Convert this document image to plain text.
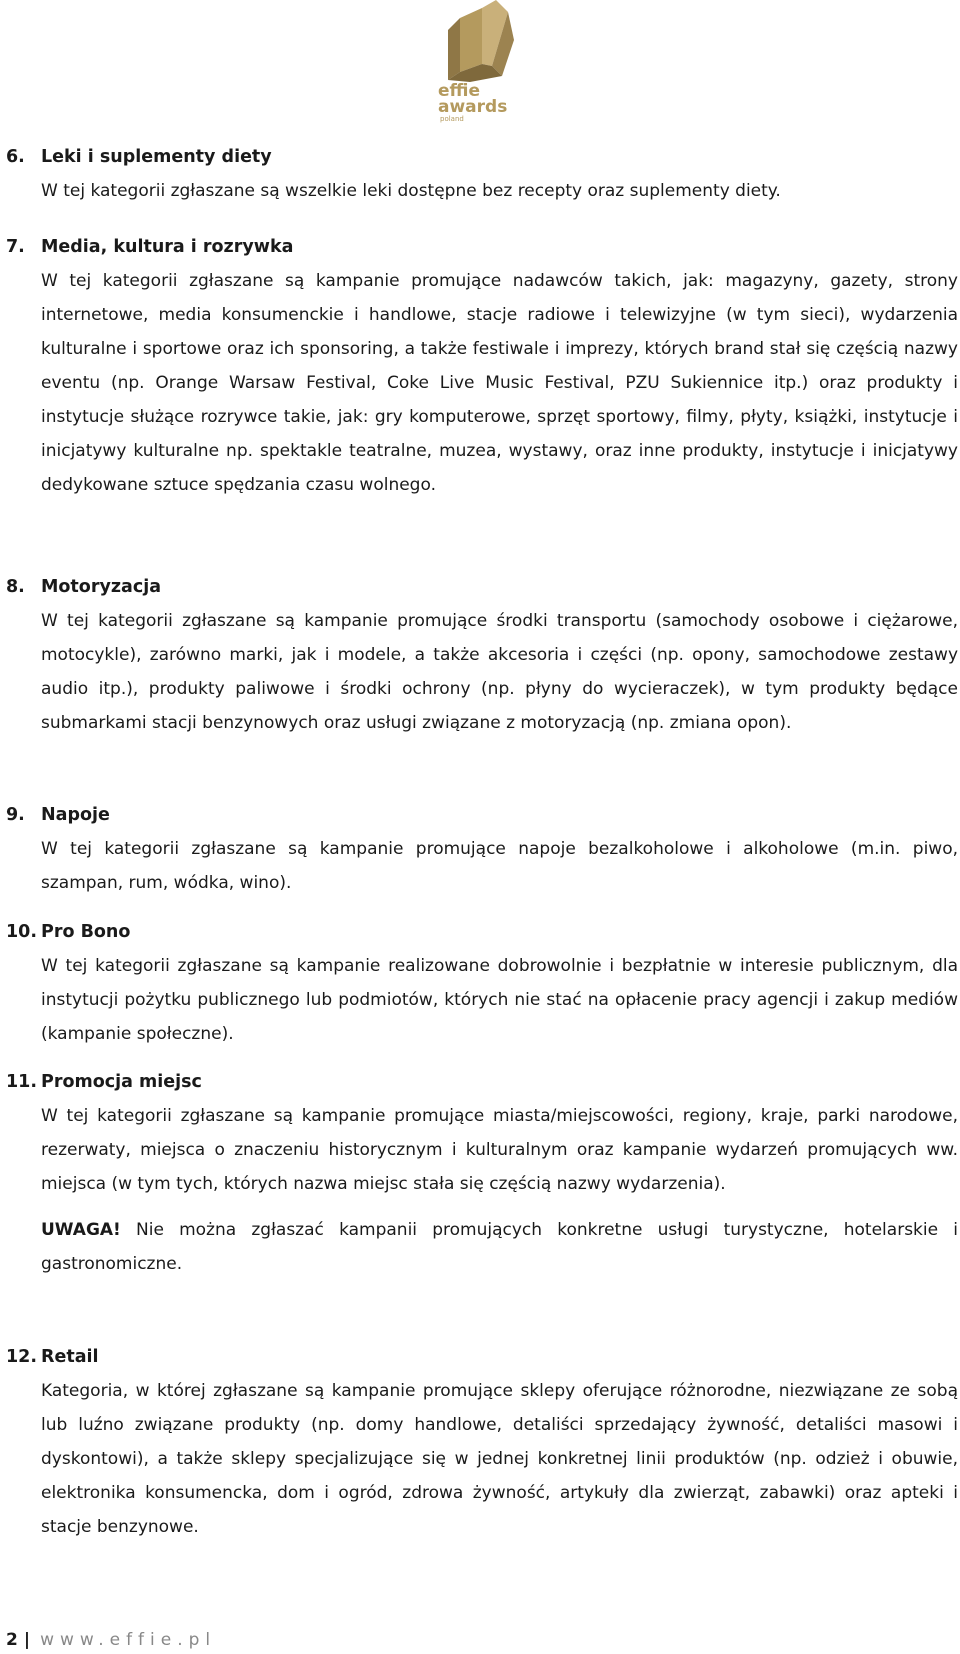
effie
awards
poland
6. Leki i suplementy diety

W tej kategorii zgłaszane są wszelkie leki dostępne bez recepty oraz suplementy diety.

7. Media, kultura i rozrywka

W tej kategorii zgłaszane są kampanie promujące nadawców takich, jak: magazyny, gazety, strony internetowe, media konsumenckie i handlowe, stacje radiowe i telewizyjne (w tym sieci), wydarzenia kulturalne i sportowe oraz ich sponsoring, a także festiwale i imprezy, których brand stał się częścią nazwy eventu (np. Orange Warsaw Festival, Coke Live Music Festival, PZU Sukiennice itp.) oraz produkty i instytucje służące rozrywce takie, jak: gry komputerowe, sprzęt sportowy, filmy, płyty, książki, instytucje i inicjatywy kulturalne np. spektakle teatralne, muzea, wystawy, oraz inne produkty, instytucje i inicjatywy dedykowane sztuce spędzania czasu wolnego.

8. Motoryzacja

W tej kategorii zgłaszane są kampanie promujące środki transportu (samochody osobowe i ciężarowe, motocykle), zarówno marki, jak i modele, a także akcesoria i części (np. opony, samochodowe zestawy audio itp.), produkty paliwowe i środki ochrony (np. płyny do wycieraczek), w tym produkty będące submarkami stacji benzynowych oraz usługi związane z motoryzacją (np. zmiana opon).

9. Napoje

W tej kategorii zgłaszane są kampanie promujące napoje bezalkoholowe i alkoholowe (m.in. piwo, szampan, rum, wódka, wino).

10. Pro Bono

W tej kategorii zgłaszane są kampanie realizowane dobrowolnie i bezpłatnie w interesie publicznym, dla instytucji pożytku publicznego lub podmiotów, których nie stać na opłacenie pracy agencji i zakup mediów (kampanie społeczne).

11. Promocja miejsc

W tej kategorii zgłaszane są kampanie promujące miasta/miejscowości, regiony, kraje, parki narodowe, rezerwaty, miejsca o znaczeniu historycznym i kulturalnym oraz kampanie wydarzeń promujących ww. miejsca (w tym tych, których nazwa miejsc stała się częścią nazwy wydarzenia).

UWAGA! Nie można zgłaszać kampanii promujących konkretne usługi turystyczne, hotelarskie i gastronomiczne.

12. Retail

Kategoria, w której zgłaszane są kampanie promujące sklepy oferujące różnorodne, niezwiązane ze sobą lub luźno związane produkty (np. domy handlowe, detaliści sprzedający żywność, detaliści masowi i dyskontowi), a także sklepy specjalizujące się w jednej konkretnej linii produktów (np. odzież i obuwie, elektronika konsumencka, dom i ogród, zdrowa żywność, artykuły dla zwierząt, zabawki) oraz apteki i stacje benzynowe.

2 | www.effie.pl
